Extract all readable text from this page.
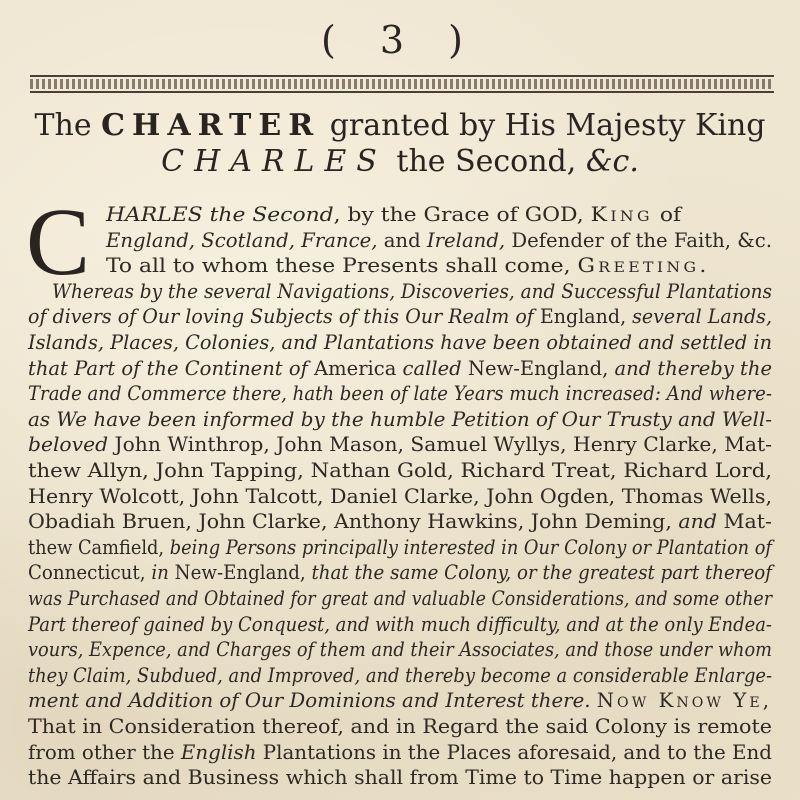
( 3 )
The CHARTER granted by His Majesty King
CHARLES the Second, &c.
C HARLES the Second, by the Grace of GOD, King of
England, Scotland, France, and Ireland, Defender of the Faith, &c.
To all to whom these Presents shall come, Greeting.
Whereas by the several Navigations, Discoveries, and Successful Plantations
of divers of Our loving Subjects of this Our Realm of England, several Lands,
Islands, Places, Colonies, and Plantations have been obtained and settled in
that Part of the Continent of America called New-England, and thereby the
Trade and Commerce there, hath been of late Years much increased: And where-
as We have been informed by the humble Petition of Our Trusty and Well-
beloved John Winthrop, John Mason, Samuel Wyllys, Henry Clarke, Mat-
thew Allyn, John Tapping, Nathan Gold, Richard Treat, Richard Lord,
Henry Wolcott, John Talcott, Daniel Clarke, John Ogden, Thomas Wells,
Obadiah Bruen, John Clarke, Anthony Hawkins, John Deming, and Mat-
thew Camfield, being Persons principally interested in Our Colony or Plantation of
Connecticut, in New-England, that the same Colony, or the greatest part thereof
was Purchased and Obtained for great and valuable Considerations, and some other
Part thereof gained by Conquest, and with much difficulty, and at the only Endea-
vours, Expence, and Charges of them and their Associates, and those under whom
they Claim, Subdued, and Improved, and thereby become a considerable Enlarge-
ment and Addition of Our Dominions and Interest there. Now Know Ye,
That in Consideration thereof, and in Regard the said Colony is remote
from other the English Plantations in the Places aforesaid, and to the End
the Affairs and Business which shall from Time to Time happen or arise
